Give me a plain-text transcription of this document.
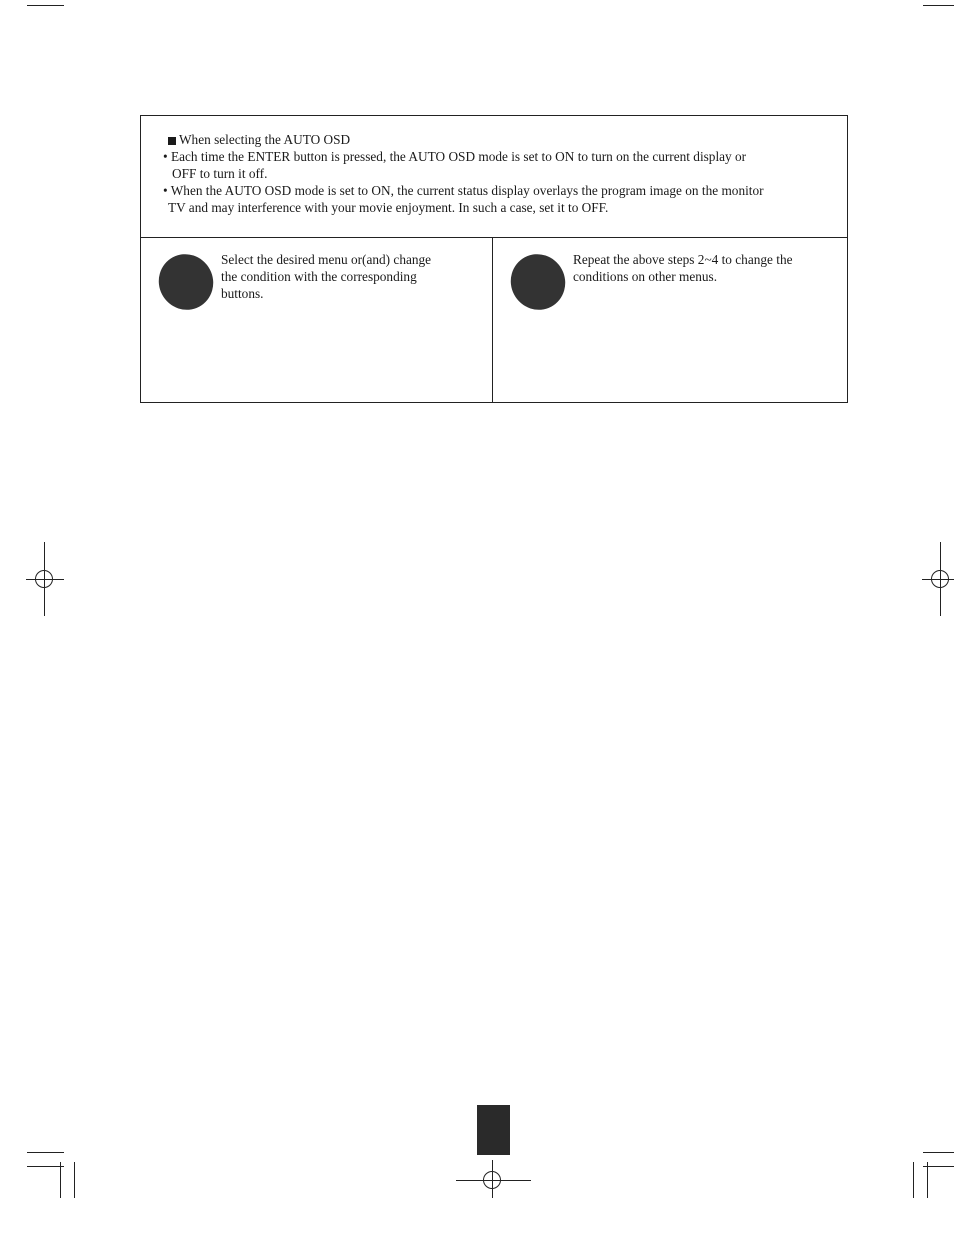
When selecting the AUTO OSD
• Each time the ENTER button is pressed, the AUTO OSD mode is set to ON to turn on the current display or
OFF to turn it off.
• When the AUTO OSD mode is set to ON, the current status display overlays the program image on the monitor
TV and may interference with your movie enjoyment. In such a case, set it to OFF.
Select the desired menu or(and) change
the condition with the corresponding
buttons.
Repeat the above steps 2~4 to change the
conditions on other menus.
